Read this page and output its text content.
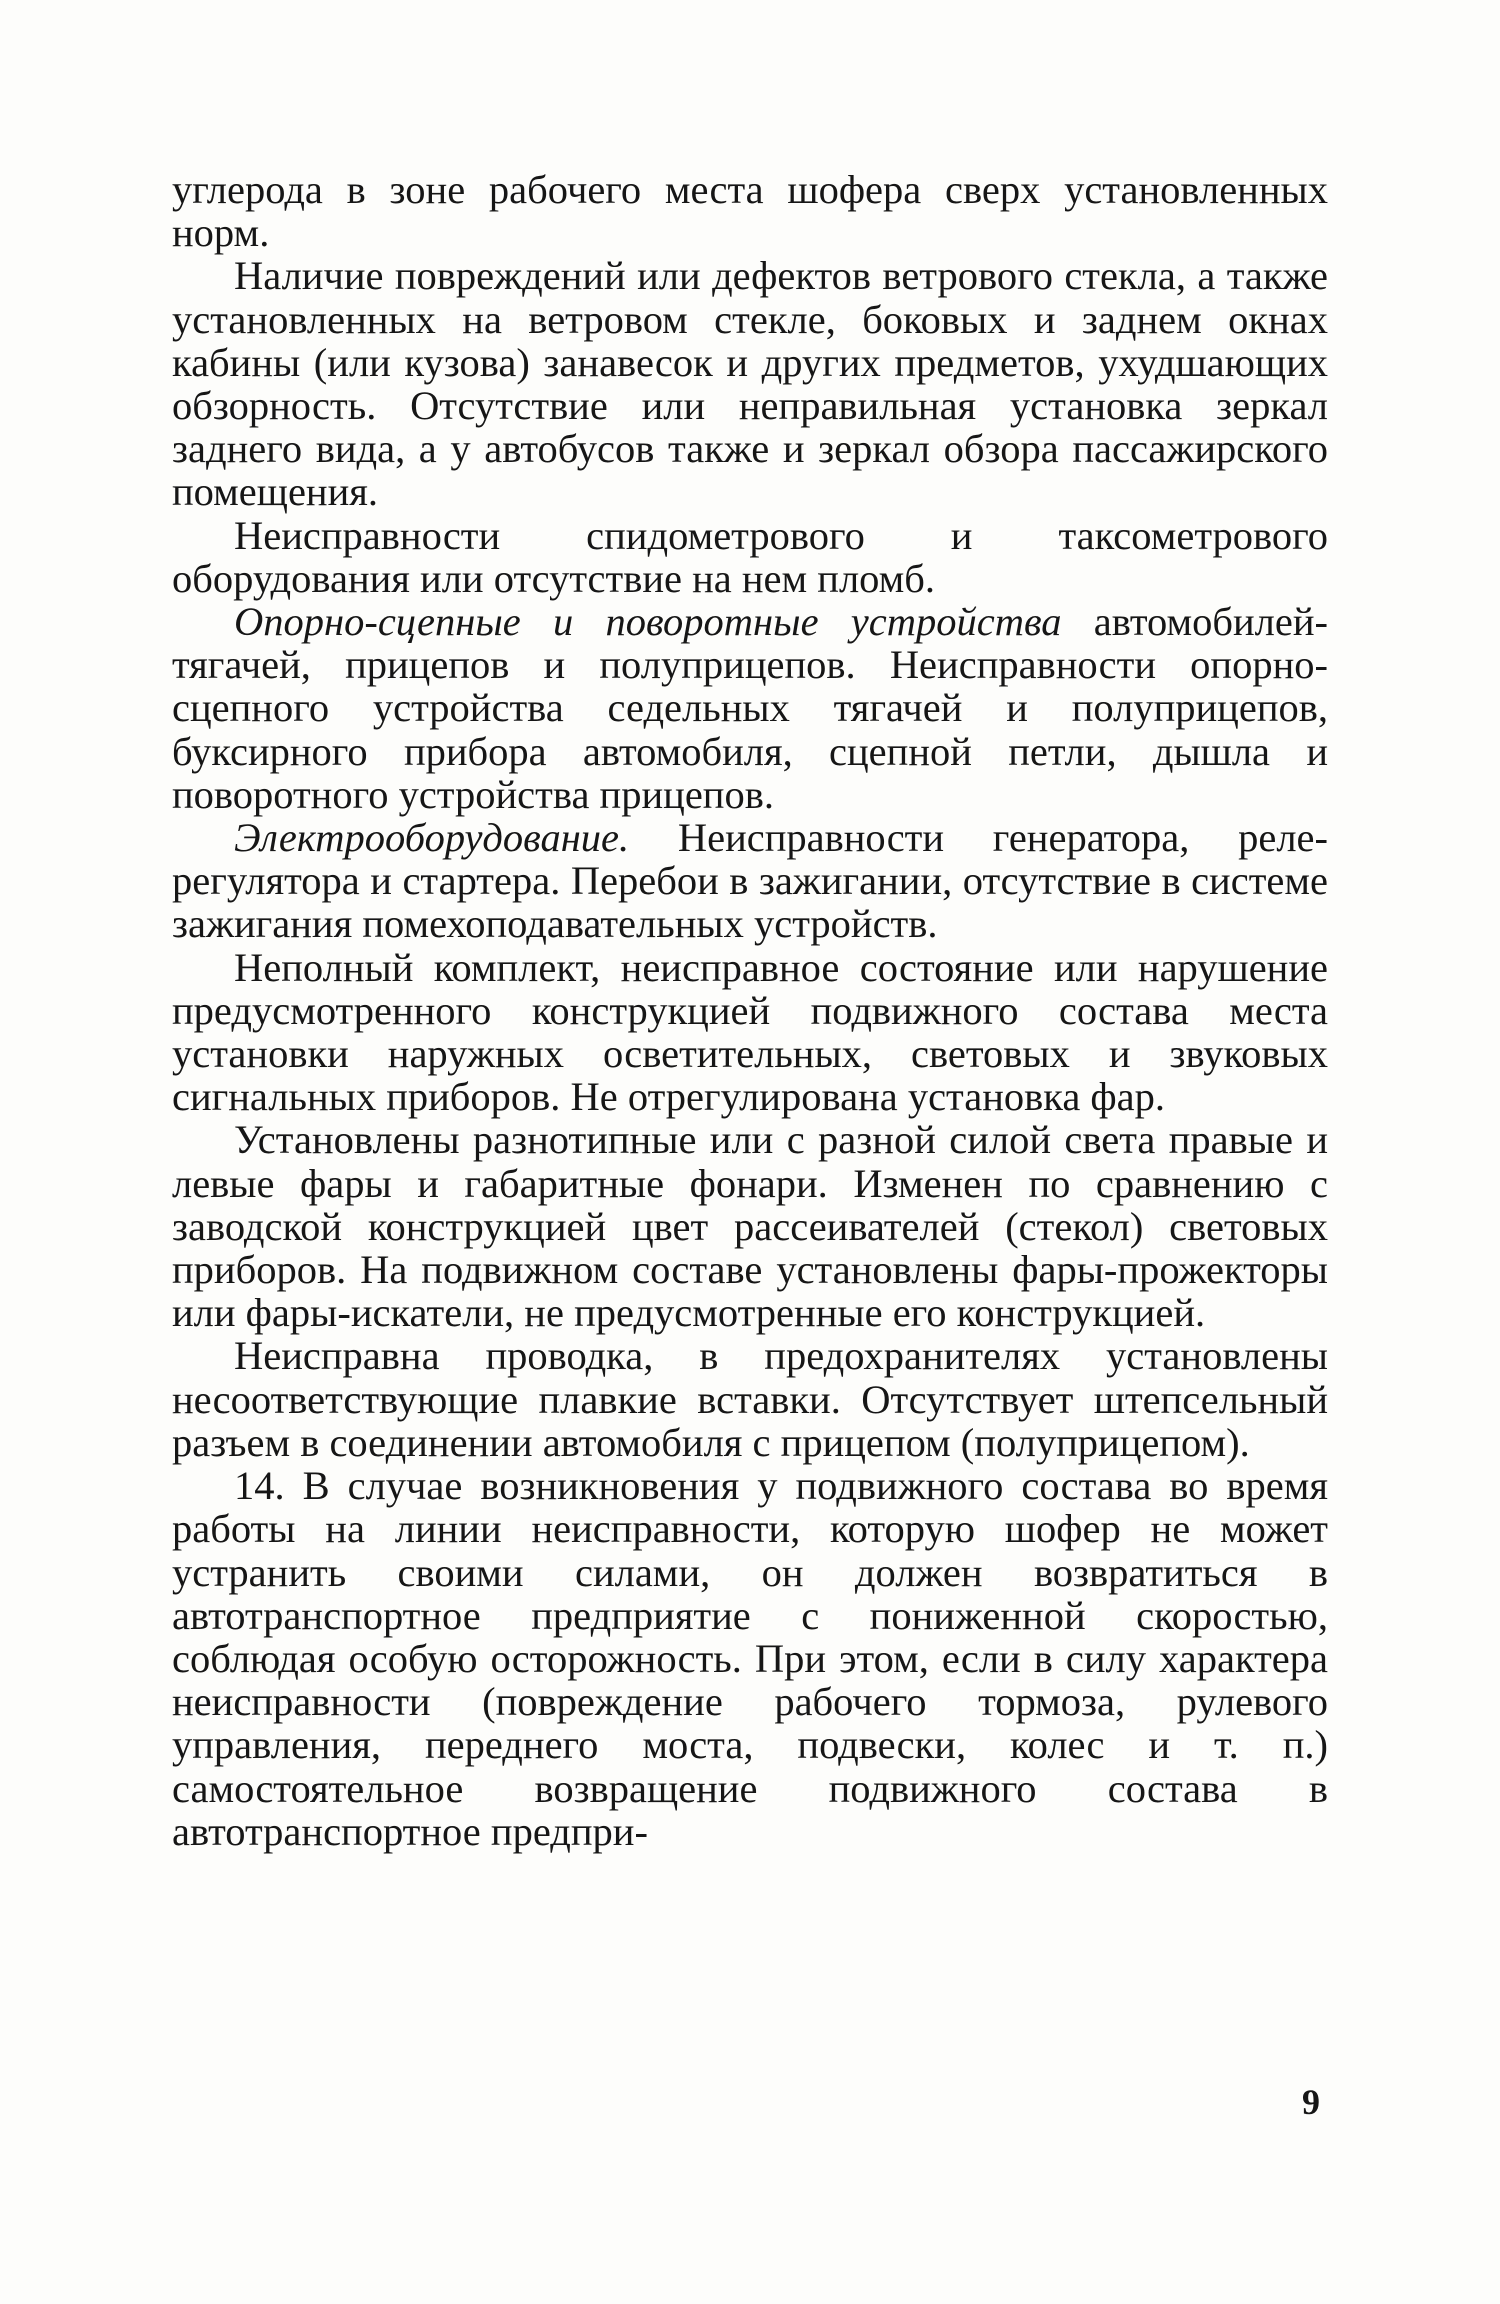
углерода в зоне рабочего места шофера сверх установленных норм.

Наличие повреждений или дефектов ветрового стекла, а также установленных на ветровом стекле, боковых и заднем окнах кабины (или кузова) занавесок и других предметов, ухудшающих обзорность. Отсутствие или неправильная установка зеркал заднего вида, а у автобусов также и зеркал обзора пассажирского помещения.

Неисправности спидометрового и таксометрового оборудования или отсутствие на нем пломб.

Опорно-сцепные и поворотные устройства автомобилей-тягачей, прицепов и полуприцепов. Неисправности опорно-сцепного устройства седельных тягачей и полуприцепов, буксирного прибора автомобиля, сцепной петли, дышла и поворотного устройства прицепов.

Электрооборудование. Неисправности генератора, реле-регулятора и стартера. Перебои в зажигании, отсутствие в системе зажигания помехоподавательных устройств.

Неполный комплект, неисправное состояние или нарушение предусмотренного конструкцией подвижного состава места установки наружных осветительных, световых и звуковых сигнальных приборов. Не отрегулирована установка фар.

Установлены разнотипные или с разной силой света правые и левые фары и габаритные фонари. Изменен по сравнению с заводской конструкцией цвет рассеивателей (стекол) световых приборов. На подвижном составе установлены фары-прожекторы или фары-искатели, не предусмотренные его конструкцией.

Неисправна проводка, в предохранителях установлены несоответствующие плавкие вставки. Отсутствует штепсельный разъем в соединении автомобиля с прицепом (полуприцепом).

14. В случае возникновения у подвижного состава во время работы на линии неисправности, которую шофер не может устранить своими силами, он должен возвратиться в автотранспортное предприятие с пониженной скоростью, соблюдая особую осторожность. При этом, если в силу характера неисправности (повреждение рабочего тормоза, рулевого управления, переднего моста, подвески, колес и т. п.) самостоятельное возвращение подвижного состава в автотранспортное предпри-

9
